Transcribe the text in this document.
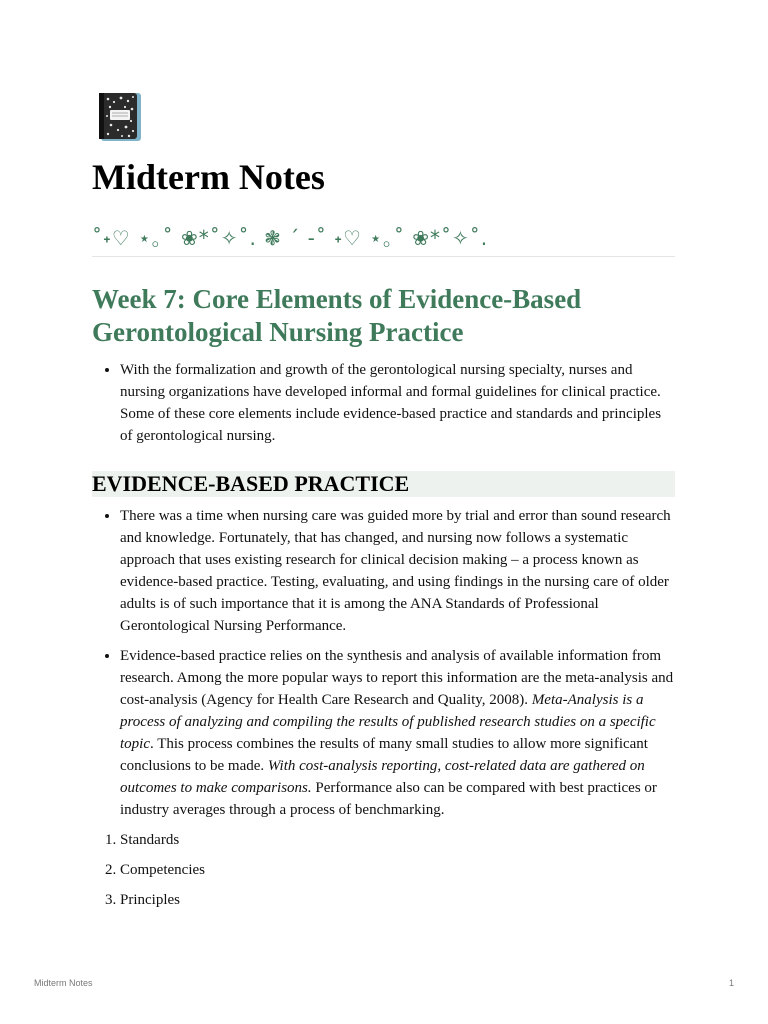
Midterm Notes
˚˖♡ ⋆｡˚ ❀*˚✧˚. ❃ ´ -˚ ˖♡ ⋆｡˚ ❀*˚✧˚.
Week 7: Core Elements of Evidence-Based Gerontological Nursing Practice
• With the formalization and growth of the gerontological nursing specialty, nurses and nursing organizations have developed informal and formal guidelines for clinical practice. Some of these core elements include evidence-based practice and standards and principles of gerontological nursing.
EVIDENCE-BASED PRACTICE
• There was a time when nursing care was guided more by trial and error than sound research and knowledge. Fortunately, that has changed, and nursing now follows a systematic approach that uses existing research for clinical decision making – a process known as evidence-based practice. Testing, evaluating, and using findings in the nursing care of older adults is of such importance that it is among the ANA Standards of Professional Gerontological Nursing Performance.
• Evidence-based practice relies on the synthesis and analysis of available information from research. Among the more popular ways to report this information are the meta-analysis and cost-analysis (Agency for Health Care Research and Quality, 2008). Meta-Analysis is a process of analyzing and compiling the results of published research studies on a specific topic. This process combines the results of many small studies to allow more significant conclusions to be made. With cost-analysis reporting, cost-related data are gathered on outcomes to make comparisons. Performance also can be compared with best practices or industry averages through a process of benchmarking.
1. Standards
2. Competencies
3. Principles
Midterm Notes	1
